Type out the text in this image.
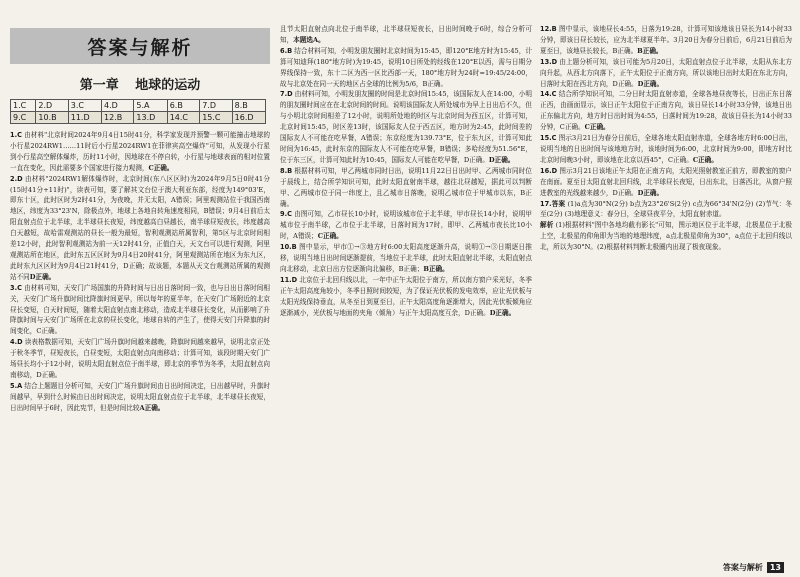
答案与解析
第一章 地球的运动
1.C	2.D	3.C	4.D	5.A	6.B	7.D	8.B
9.C	10.B	11.D	12.B	13.D	14.C	15.C	16.D

1.C 由材料"北京时间2024年9月4日15时41分，科学家发现并预警一颗可能撞击地球的小行星2024RW1……11时后小行星2024RW1在菲律宾高空爆炸"可知，从发现小行星到小行星高空解体爆炸，历时11小时，因地球在不停自转，小行星与地球表面的相对位置一直在变化，因此需要多个国家进行接力观测，C正确。

2.D 由材料"2024RW1解体爆炸时，北京时间(东八区区时)为2024年9月5日0时41分(15时41分+11时)"，读表可知，要了解其文台位于澳大利亚东部，经度为149°03'E，即东十区，此时区时为2时41分，为夜晚，并无太阳，A错误；阿里观测站位于我国西南地区，纬度为33°23'N，除极点外，地球上各地自转角速度相同，B错误；9月4日前后太阳直射点位于北半球，北半球昼长夜短，纬度越高白昼越长，南半球昼短夜长，纬度越高白天越短，故哈雷观测站的昼长一般为最短，智利观测站所属智利，第5区与北京时间相差12小时，此时智利观测站为前一天12时41分，正值白天，天文台可以进行观测，阿里观测站所在地区，此时东五区区时为9月4日20时41分，阿里观测站所在地区为东九区，此时东九区区时为9月4日21时41分，D正确；故该题，本题从天文台观测站所属的观测站不同D正确。

3.C 由材料可知，天安门广场国旗的升降时间与日出日落时间一致，也与日出日落时间相关，天安门广场升旗时间比降旗时间更早，所以每年的夏半年，在天安门广场附近的北京昼长变短，白天时间短，随着太阳直射点南北移动，造成北半球昼长变化，从而影响了升降旗时间与天安门广场所在北京的昼长变化，地球自转的产生了，使得天安门升降旗的时间变化，C正确。

4.D 读表格数据可知，天安门广场升旗时间越来越晚，降旗时间越来越早，说明北京正处于秋冬季节，昼短夜长，白昼变短，太阳直射点向南移动；计算可知，该段时期天安门广场昼长均小于12小时，说明太阳直射点位于南半球，即北京的季节为冬季，太阳直射点向南移动，D正确。

5.A 结合上题题目分析可知，天安门广场升旗时间由日出时间决定，日出越早时，升旗时间越早，早到什么时候由日出时间决定，说明太阳直射点位于北半球，北半球昼长夜短，日出时间早于6时，因此宪节，但是时间比较A正确。

且节太阳直射点向北位于南半球，北半球昼短夜长，日出时间晚于6时，综合分析可知，本题选A。

6.B 结合材料可知，小明发朋友圈时北京时间为15:45，即120°E地方时为15:45，计算可知迪拜(180°地方时)为19:45，说明10日所处的经线在120°E以西，需与日期分界线保持一致，东十二区为西一区比西部一天，180°地方时为24时=19:45/24:00，故与北京处在同一天的地区占全球的比例为5/6，B正确。

7.D 由材料可知，小明发朋友圈的时间是北京时间15:45，该国际友人在14:00，小明的朋友圈时间应在在北京时间的时间。说明该国际友人所处城市为早上日出后不久，但与小明北京时间相差了12小时，说明所处地的时区与北京时间为西五区，计算可知，北京时间15:45，时区差13时，该国际友人位于西五区，地方时为2:45，此时间差的国际友人不可能在吃早餐，A错误；东京经度为139.73°E，位于东九区，计算可知此时间为16:45，此时东京的国际友人不可能在吃早餐，B错误；多哈经度为51.56°E，位于东三区，计算可知此时为10:45，国际友人可能在吃早餐，D正确。D正确。

8.B 根据材料可知，甲乙两城市同时日出，说明11月22日日出时甲、乙两城市同时位于晨线上，结合所学知识可知，此时太阳直射南半球，越往北昼越短，据此可以判断甲、乙两城市位于同一纬度上，且乙城市日落晚，说明乙城市位于甲城市以东，B正确。

9.C 由图可知，乙市昼长10小时，说明该城市位于北半球，甲市昼长14小时，说明甲城市位于南半球，乙市位于北半球，日落时间为17时，即甲、乙两城市夜长比10小时，A错误；C正确。

10.B 图中显示，甲市①→③地方时6:00太阳高度逐渐升高，说明①→③日期逐日推移，说明当地日出时间逐渐提前，当地位于北半球，此时太阳直射北半球，太阳直射点向北移动，北京日出方位逐渐向北偏移，B正确；B正确。

11.D 北京位于北回归线以北，一年中正午太阳位于南方，所以南方窗户采光好，冬季正午太阳高度角较小，冬季日照时间较短，为了保证光伏板的发电效率，应让光伏板与太阳光线保持垂直，从冬至日到夏至日，正午太阳高度角逐渐增大，因此光伏板倾角应逐渐减小，光伏板与地面的夹角（倾角）与正午太阳高度互余，D正确。D正确。

12.B 图中显示，该地昼长4:55，日落为19:28，计算可知该地该日昼长为14小时33分钟，即该日昼长较长，应为北半球夏半年。3月20日为春分日前后，6月21日前后为夏至日，该地昼长较长，B正确。B正确。

13.D 由上题分析可知，该日可能为5月20日，太阳直射点位于北半球，太阳从东北方向升起，从西北方向落下，正午太阳位于正南方向，所以该地日出时太阳在东北方向，日落时太阳在西北方向，D正确。D正确。

14.C 结合所学知识可知，二分日时太阳直射赤道，全球各地昼夜等长，日出正东日落正西，由画面显示，该日正午太阳位于正南方向，该日昼长14小时33分钟，该地日出正东偏北方向，地方时日出时间为4:55，日落时间为19:28，故该日昼长为14小时33分钟，C正确。C正确。

15.C 图示3月21日为春分日前后，全球各地太阳直射赤道，全球各地方时6:00日出，说明当地的日出时间与该地地方时，该地时间为6:00，北京时间为9:00，即地方时比北京时间晚3小时，即该地在北京以西45°，C正确。C正确。

16.D 图示3月21日该地正午太阳在正南方向，太阳光照射教室正前方，即教室的窗户在南面。夏至日太阳直射北回归线，北半球昼长夜短，日出东北，日落西北，从窗户照进教室的光线越来越少，D正确。D正确。

17.答案 (1)a点为30°N(2分) b点为23°26'S(2分) c点为66°34'N(2分) (2)节气：冬至(2分) (3)地理意义：春分日，全球昼夜平分，太阳直射赤道。

解析 (1)根据材料"图中各地均截有影长"可知，图示地区位于北半球，北极星位于北极上空，北极星的仰角即为当地的地理纬度，a点北极星仰角为30°，a点位于北回归线以北，所以为30°N。(2)根据材料判断北极圈内出现了极夜现象。

答案与解析 13
